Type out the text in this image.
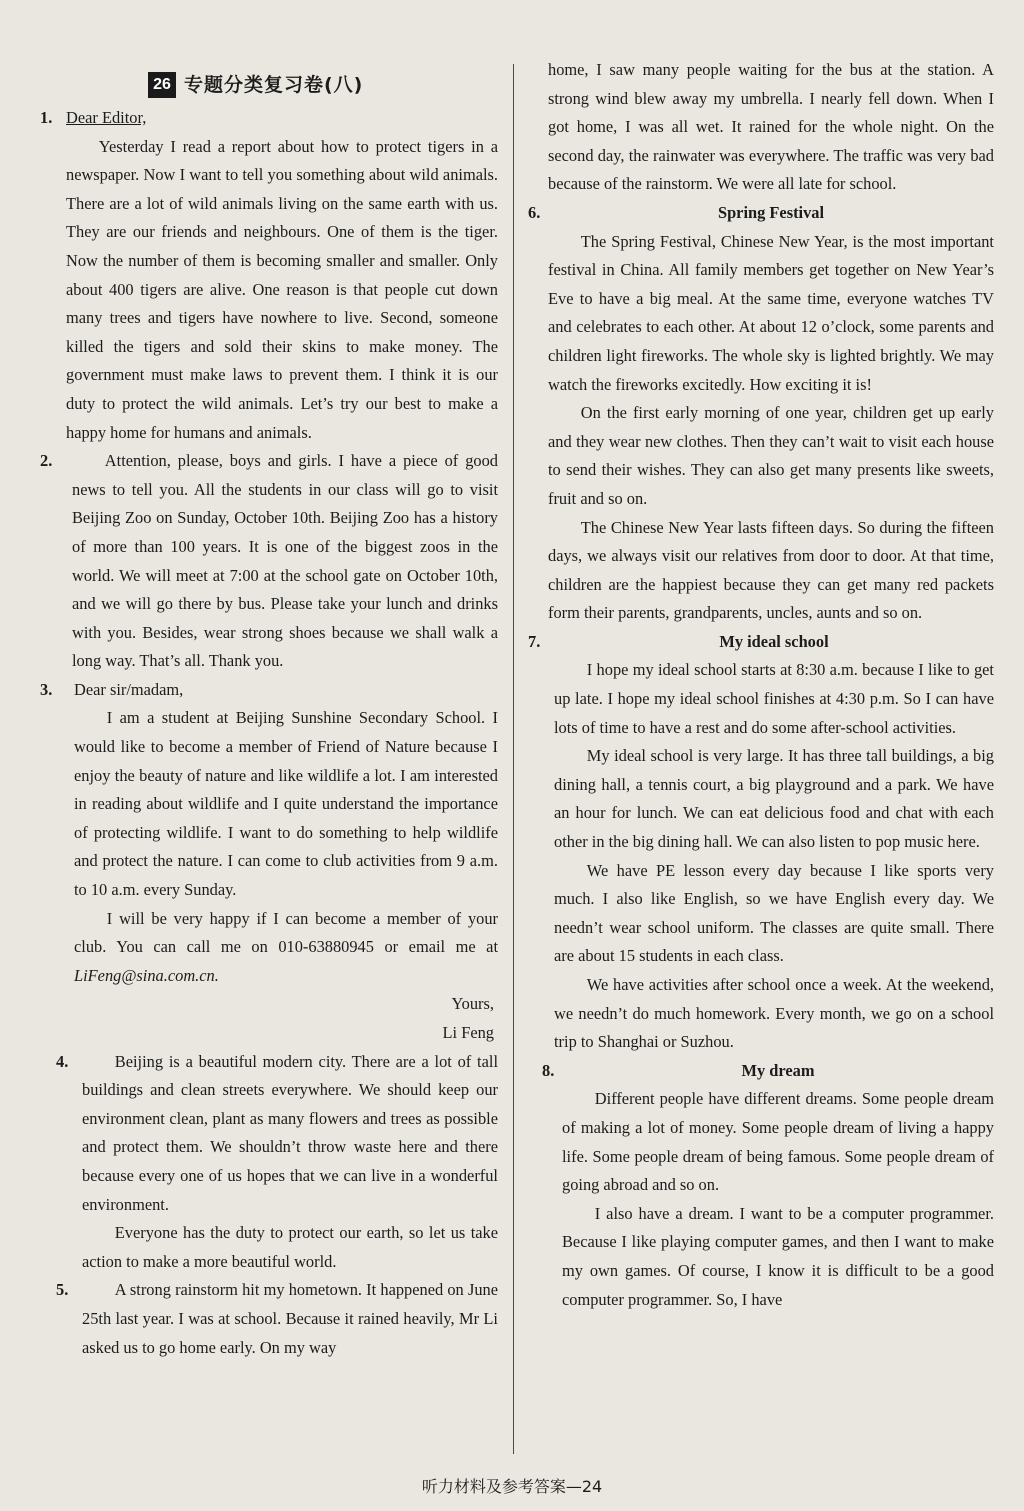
26 专题分类复习卷(八)
1. Dear Editor,

Yesterday I read a report about how to protect tigers in a newspaper. Now I want to tell you something about wild animals. There are a lot of wild animals living on the same earth with us. They are our friends and neighbours. One of them is the tiger. Now the number of them is becoming smaller and smaller. Only about 400 tigers are alive. One reason is that people cut down many trees and tigers have nowhere to live. Second, someone killed the tigers and sold their skins to make money. The government must make laws to prevent them. I think it is our duty to protect the wild animals. Let’s try our best to make a happy home for humans and animals.

2.	Attention, please, boys and girls. I have a piece of good news to tell you. All the students in our class will go to visit Beijing Zoo on Sunday, October 10th. Beijing Zoo has a history of more than 100 years. It is one of the biggest zoos in the world. We will meet at 7:00 at the school gate on October 10th, and we will go there by bus. Please take your lunch and drinks with you. Besides, wear strong shoes because we shall walk a long way. That’s all. Thank you.

3.	Dear sir/madam,

I am a student at Beijing Sunshine Secondary School. I would like to become a member of Friend of Nature because I enjoy the beauty of nature and like wildlife a lot. I am interested in reading about wildlife and I quite understand the importance of protecting wildlife. I want to do something to help wildlife and protect the nature. I can come to club activities from 9 a.m. to 10 a.m. every Sunday.

I will be very happy if I can become a member of your club. You can call me on 010-63880945 or email me at LiFeng@sina.com.cn.

Yours,

Li Feng

4.	Beijing is a beautiful modern city. There are a lot of tall buildings and clean streets everywhere. We should keep our environment clean, plant as many flowers and trees as possible and protect them. We shouldn’t throw waste here and there because every one of us hopes that we can live in a wonderful environment.

Everyone has the duty to protect our earth, so let us take action to make a more beautiful world.

5.	A strong rainstorm hit my hometown. It happened on June 25th last year. I was at school. Because it rained heavily, Mr Li asked us to go home early. On my way

home, I saw many people waiting for the bus at the station. A strong wind blew away my umbrella. I nearly fell down. When I got home, I was all wet. It rained for the whole night. On the second day, the rainwater was everywhere. The traffic was very bad because of the rainstorm. We were all late for school.

6.	Spring Festival

The Spring Festival, Chinese New Year, is the most important festival in China. All family members get together on New Year’s Eve to have a big meal. At the same time, everyone watches TV and celebrates to each other. At about 12 o’clock, some parents and children light fireworks. The whole sky is lighted brightly. We may watch the fireworks excitedly. How exciting it is!

On the first early morning of one year, children get up early and they wear new clothes. Then they can’t wait to visit each house to send their wishes. They can also get many presents like sweets, fruit and so on.

The Chinese New Year lasts fifteen days. So during the fifteen days, we always visit our relatives from door to door. At that time, children are the happiest because they can get many red packets form their parents, grandparents, uncles, aunts and so on.

7.	My ideal school

I hope my ideal school starts at 8:30 a.m. because I like to get up late. I hope my ideal school finishes at 4:30 p.m. So I can have lots of time to have a rest and do some after-school activities.

My ideal school is very large. It has three tall buildings, a big dining hall, a tennis court, a big playground and a park. We have an hour for lunch. We can eat delicious food and chat with each other in the big dining hall. We can also listen to pop music here.

We have PE lesson every day because I like sports very much. I also like English, so we have English every day. We needn’t wear school uniform. The classes are quite small. There are about 15 students in each class.

We have activities after school once a week. At the weekend, we needn’t do much homework. Every month, we go on a school trip to Shanghai or Suzhou.

8.	My dream

Different people have different dreams. Some people dream of making a lot of money. Some people dream of living a happy life. Some people dream of being famous. Some people dream of going abroad and so on.

I also have a dream. I want to be a computer programmer. Because I like playing computer games, and then I want to make my own games. Of course, I know it is difficult to be a good computer programmer. So, I have

听力材料及参考答案—24
